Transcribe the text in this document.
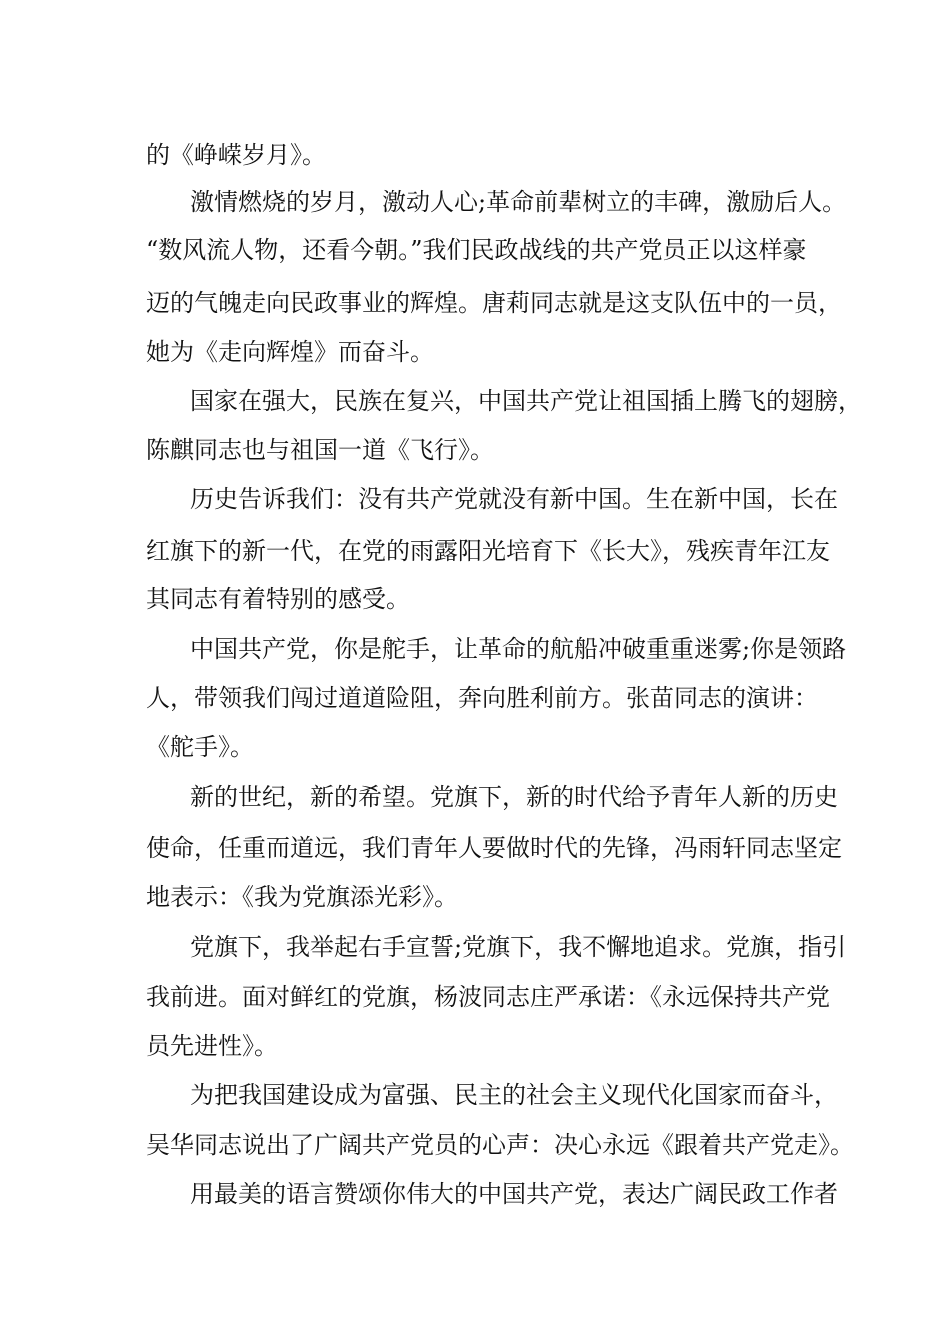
的《峥嵘岁月》。

激情燃烧的岁月，激动人心;革命前辈树立的丰碑，激励后人。

“数风流人物，还看今朝。”我们民政战线的共产党员正以这样豪

迈的气魄走向民政事业的辉煌。唐莉同志就是这支队伍中的一员，

她为《走向辉煌》而奋斗。

国家在强大，民族在复兴，中国共产党让祖国插上腾飞的翅膀，

陈麒同志也与祖国一道《飞行》。

历史告诉我们：没有共产党就没有新中国。生在新中国，长在

红旗下的新一代，在党的雨露阳光培育下《长大》，残疾青年江友

其同志有着特别的感受。

中国共产党，你是舵手，让革命的航船冲破重重迷雾;你是领路

人，带领我们闯过道道险阻，奔向胜利前方。张苗同志的演讲：

《舵手》。

新的世纪，新的希望。党旗下，新的时代给予青年人新的历史

使命，任重而道远，我们青年人要做时代的先锋，冯雨轩同志坚定

地表示：《我为党旗添光彩》。

党旗下，我举起右手宣誓;党旗下，我不懈地追求。党旗，指引

我前进。面对鲜红的党旗，杨波同志庄严承诺：《永远保持共产党

员先进性》。

为把我国建设成为富强、民主的社会主义现代化国家而奋斗，

吴华同志说出了广阔共产党员的心声：决心永远《跟着共产党走》。

用最美的语言赞颂你伟大的中国共产党，表达广阔民政工作者
